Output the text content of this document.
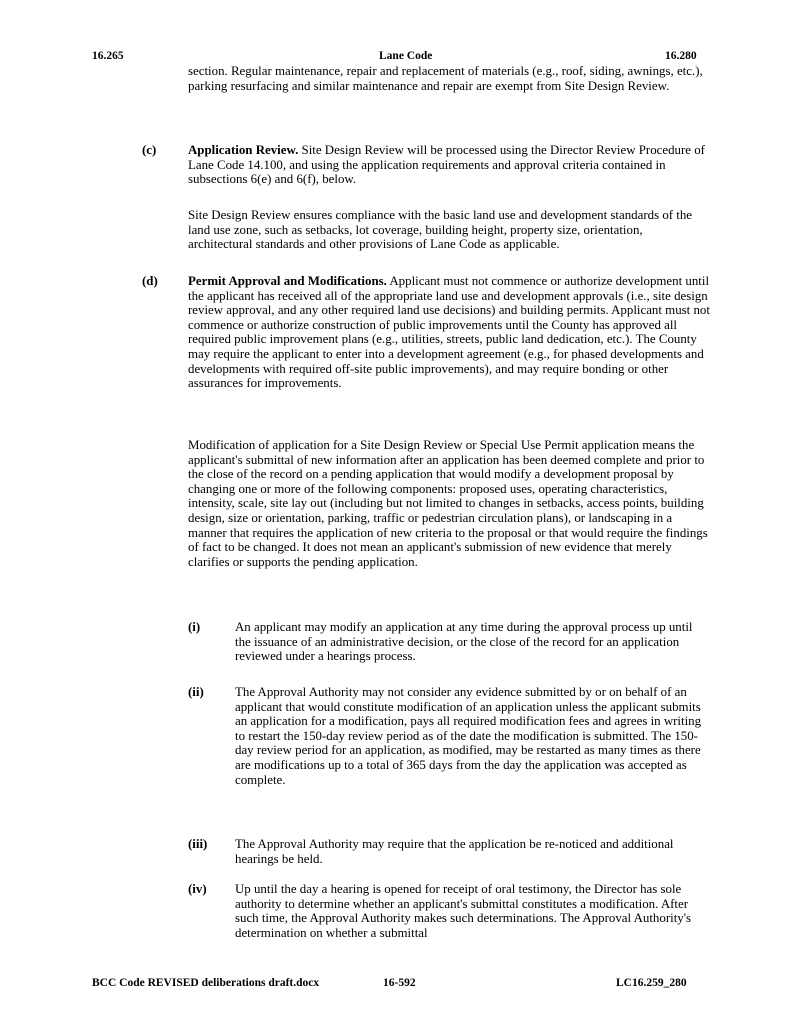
16.265	Lane Code	16.280

section. Regular maintenance, repair and replacement of materials (e.g., roof, siding, awnings, etc.), parking resurfacing and similar maintenance and repair are exempt from Site Design Review.

(c) Application Review. Site Design Review will be processed using the Director Review Procedure of Lane Code 14.100, and using the application requirements and approval criteria contained in subsections 6(e) and 6(f), below.

Site Design Review ensures compliance with the basic land use and development standards of the land use zone, such as setbacks, lot coverage, building height, property size, orientation, architectural standards and other provisions of Lane Code as applicable.

(d) Permit Approval and Modifications. Applicant must not commence or authorize development until the applicant has received all of the appropriate land use and development approvals (i.e., site design review approval, and any other required land use decisions) and building permits. Applicant must not commence or authorize construction of public improvements until the County has approved all required public improvement plans (e.g., utilities, streets, public land dedication, etc.). The County may require the applicant to enter into a development agreement (e.g., for phased developments and developments with required off-site public improvements), and may require bonding or other assurances for improvements.

Modification of application for a Site Design Review or Special Use Permit application means the applicant's submittal of new information after an application has been deemed complete and prior to the close of the record on a pending application that would modify a development proposal by changing one or more of the following components: proposed uses, operating characteristics, intensity, scale, site lay out (including but not limited to changes in setbacks, access points, building design, size or orientation, parking, traffic or pedestrian circulation plans), or landscaping in a manner that requires the application of new criteria to the proposal or that would require the findings of fact to be changed. It does not mean an applicant's submission of new evidence that merely clarifies or supports the pending application.

(i)	An applicant may modify an application at any time during the approval process up until the issuance of an administrative decision, or the close of the record for an application reviewed under a hearings process.

(ii) The Approval Authority may not consider any evidence submitted by or on behalf of an applicant that would constitute modification of an application unless the applicant submits an application for a modification, pays all required modification fees and agrees in writing to restart the 150-day review period as of the date the modification is submitted. The 150-day review period for an application, as modified, may be restarted as many times as there are modifications up to a total of 365 days from the day the application was accepted as complete.

(iii) The Approval Authority may require that the application be re-noticed and additional hearings be held.

(iv) Up until the day a hearing is opened for receipt of oral testimony, the Director has sole authority to determine whether an applicant's submittal constitutes a modification. After such time, the Approval Authority makes such determinations. The Approval Authority's determination on whether a submittal

BCC Code REVISED deliberations draft.docx	16-592	LC16.259_280
